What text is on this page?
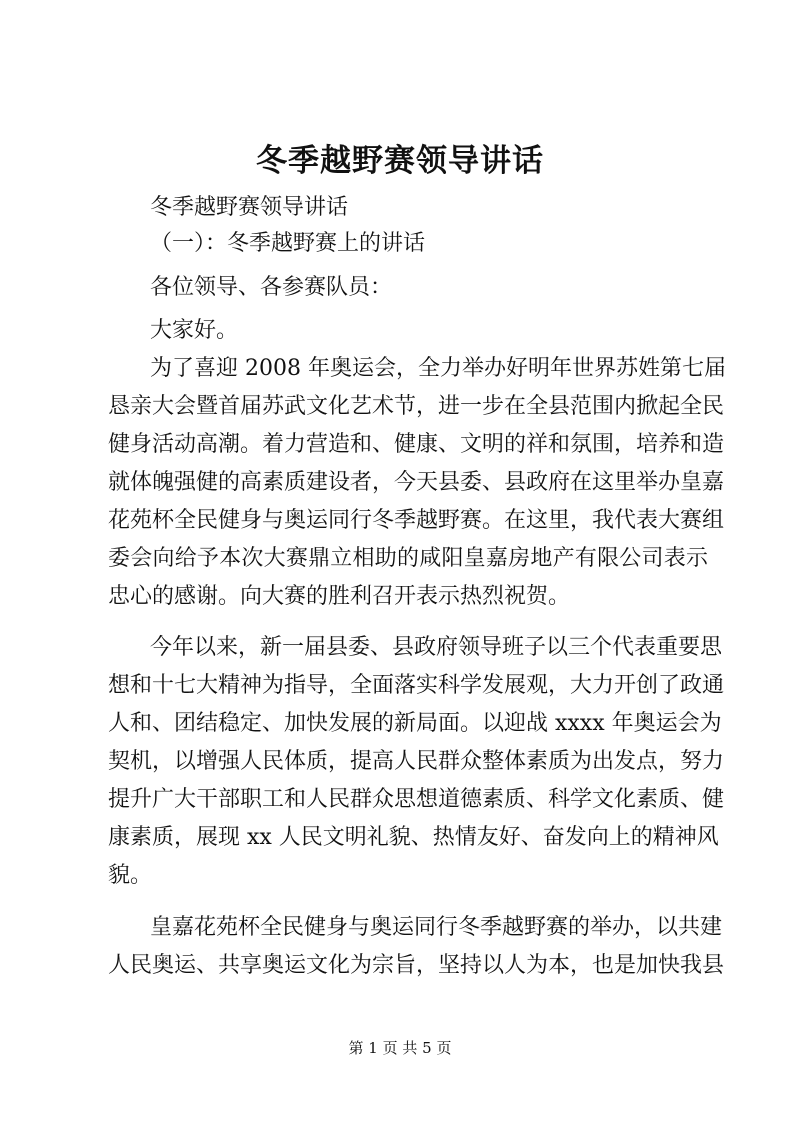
冬季越野赛领导讲话
冬季越野赛领导讲话
（一）：冬季越野赛上的讲话
各位领导、各参赛队员：
大家好。
为了喜迎 2008 年奥运会，全力举办好明年世界苏姓第七届
恳亲大会暨首届苏武文化艺术节，进一步在全县范围内掀起全民
健身活动高潮。着力营造和、健康、文明的祥和氛围，培养和造
就体魄强健的高素质建设者，今天县委、县政府在这里举办皇嘉
花苑杯全民健身与奥运同行冬季越野赛。在这里，我代表大赛组
委会向给予本次大赛鼎立相助的咸阳皇嘉房地产有限公司表示
忠心的感谢。向大赛的胜利召开表示热烈祝贺。
今年以来，新一届县委、县政府领导班子以三个代表重要思
想和十七大精神为指导，全面落实科学发展观，大力开创了政通
人和、团结稳定、加快发展的新局面。以迎战 xxxx 年奥运会为
契机，以增强人民体质，提高人民群众整体素质为出发点，努力
提升广大干部职工和人民群众思想道德素质、科学文化素质、健
康素质，展现 xx 人民文明礼貌、热情友好、奋发向上的精神风
貌。
皇嘉花苑杯全民健身与奥运同行冬季越野赛的举办，以共建
人民奥运、共享奥运文化为宗旨，坚持以人为本，也是加快我县
第 1 页 共 5 页
